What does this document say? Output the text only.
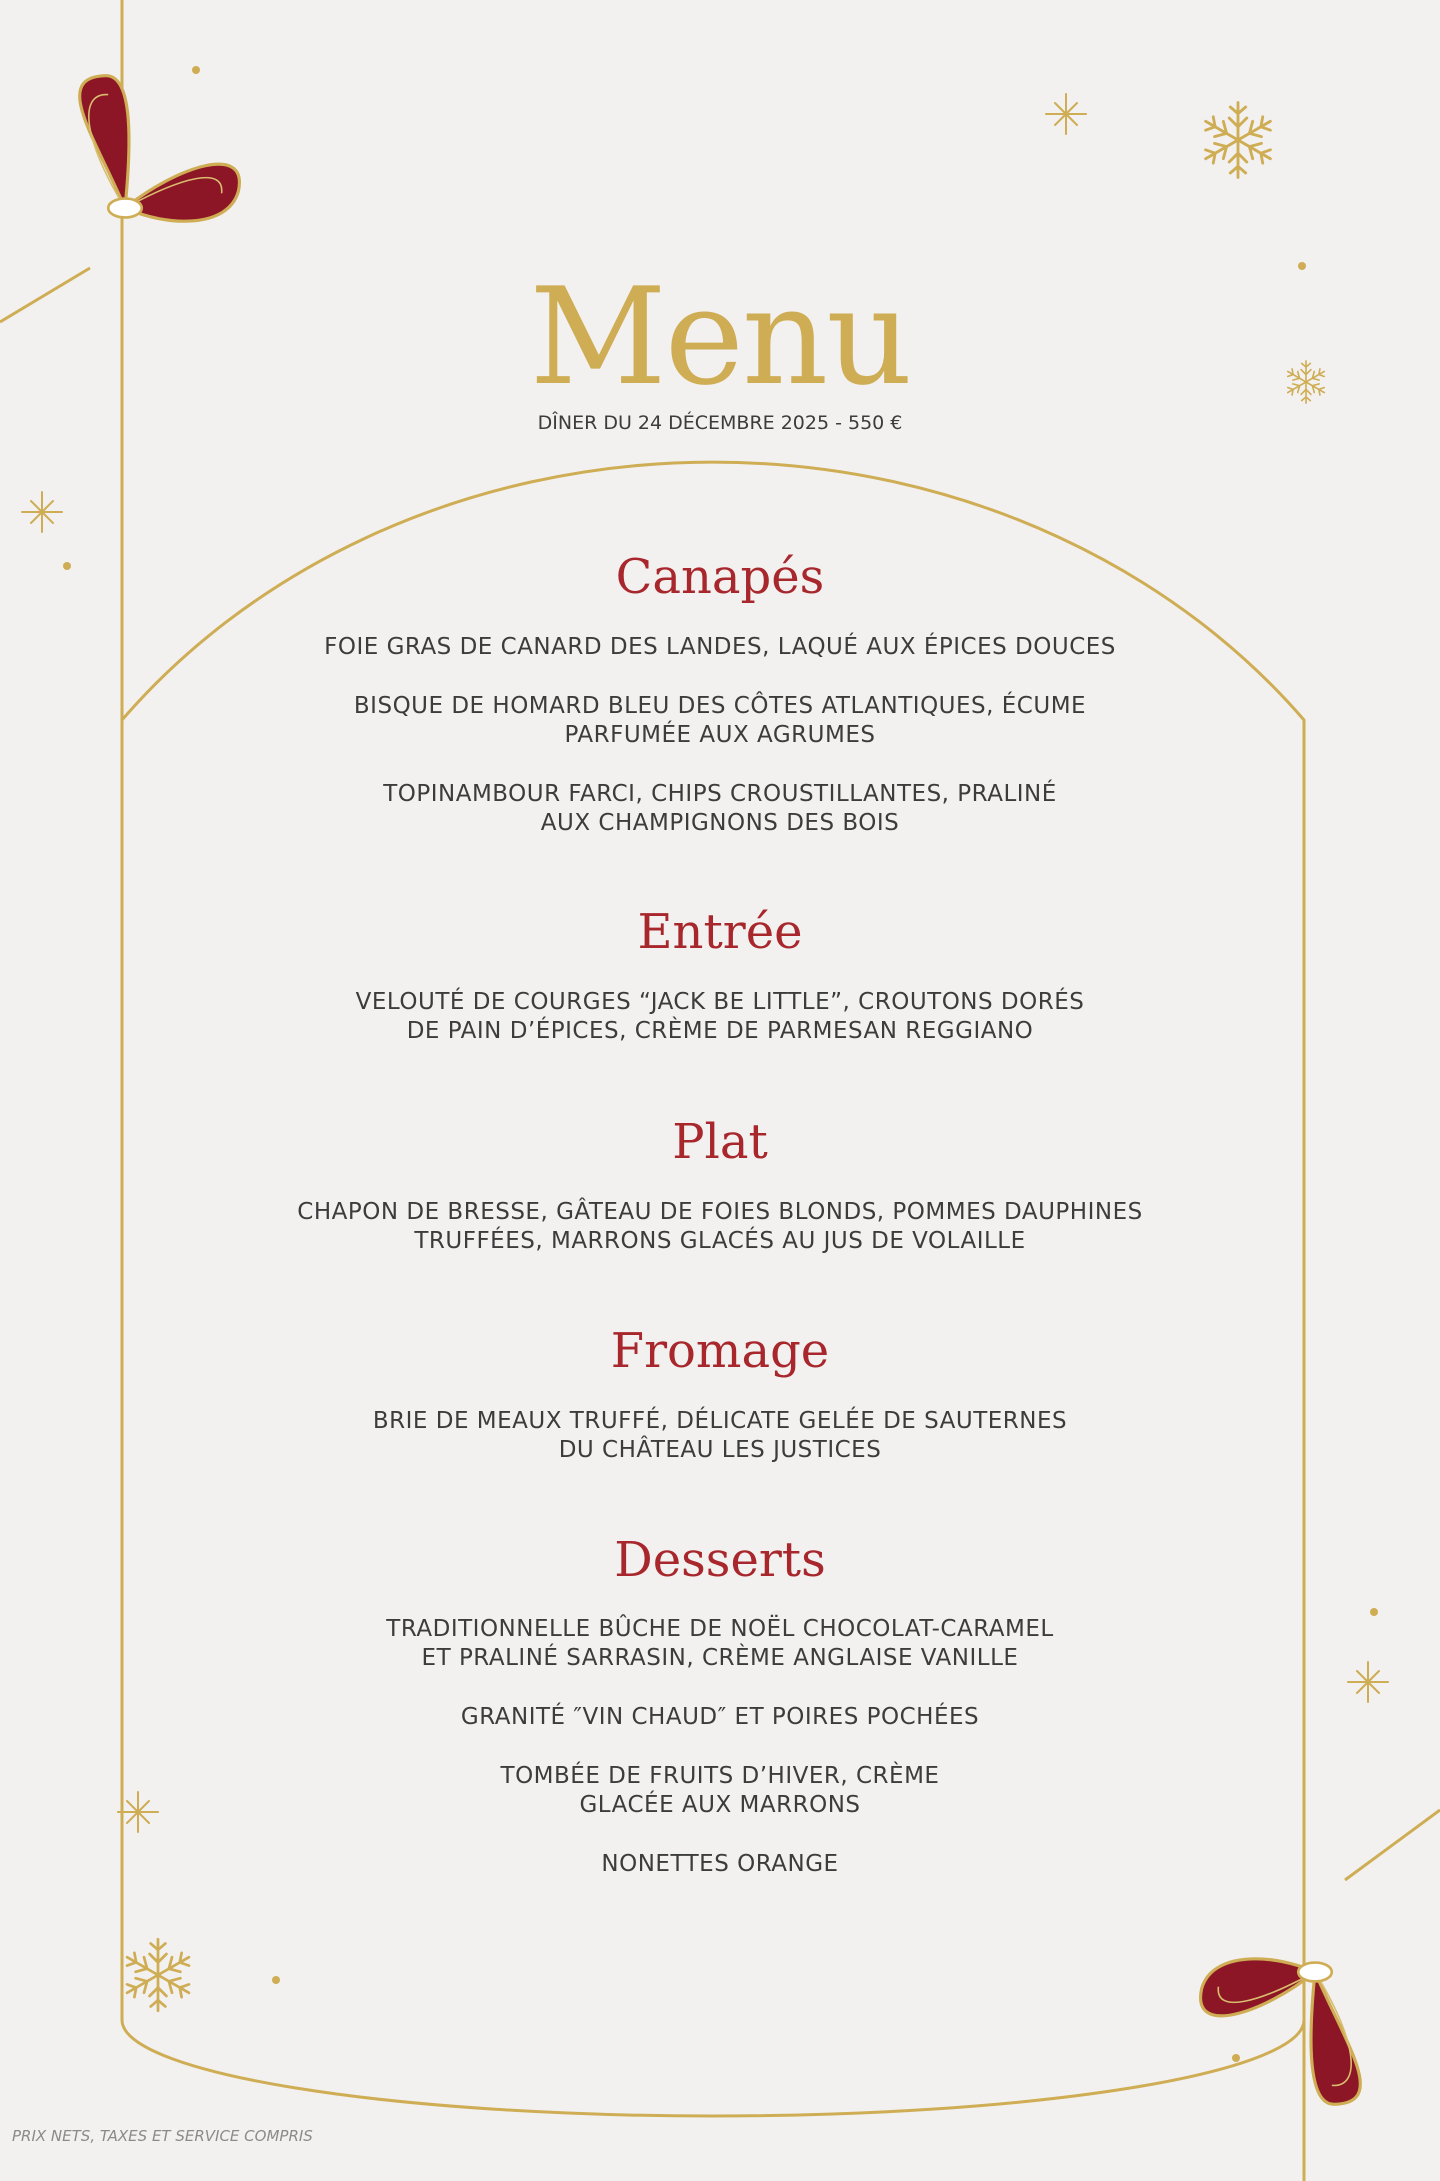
Menu
DÎNER DU 24 DÉCEMBRE 2025 - 550 €
Canapés
FOIE GRAS DE CANARD DES LANDES, LAQUÉ AUX ÉPICES DOUCES
BISQUE DE HOMARD BLEU DES CÔTES ATLANTIQUES, ÉCUME
PARFUMÉE AUX AGRUMES
TOPINAMBOUR FARCI, CHIPS CROUSTILLANTES, PRALINÉ
AUX CHAMPIGNONS DES BOIS
Entrée
VELOUTÉ DE COURGES “JACK BE LITTLE”, CROUTONS DORÉS
DE PAIN D’ÉPICES, CRÈME DE PARMESAN REGGIANO
Plat
CHAPON DE BRESSE, GÂTEAU DE FOIES BLONDS, POMMES DAUPHINES
TRUFFÉES, MARRONS GLACÉS AU JUS DE VOLAILLE
Fromage
BRIE DE MEAUX TRUFFÉ, DÉLICATE GELÉE DE SAUTERNES
DU CHÂTEAU LES JUSTICES
Desserts
TRADITIONNELLE BÛCHE DE NOËL CHOCOLAT-CARAMEL
ET PRALINÉ SARRASIN, CRÈME ANGLAISE VANILLE
GRANITÉ ″VIN CHAUD″ ET POIRES POCHÉES
TOMBÉE DE FRUITS D’HIVER, CRÈME
GLACÉE AUX MARRONS
NONETTES ORANGE
PRIX NETS, TAXES ET SERVICE COMPRIS
